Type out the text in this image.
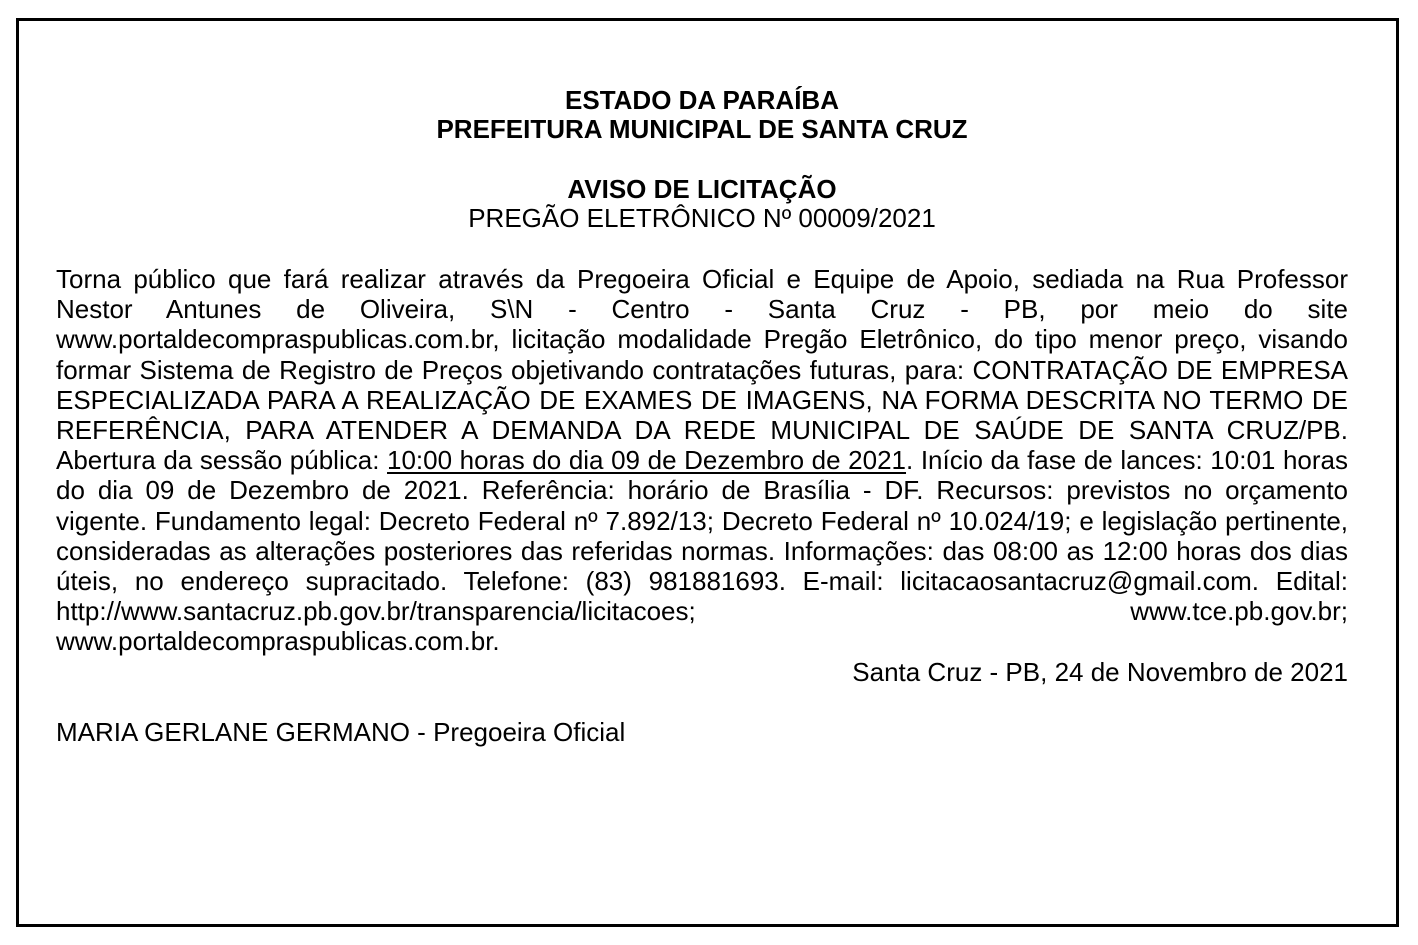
ESTADO DA PARAÍBA
PREFEITURA MUNICIPAL DE SANTA CRUZ
AVISO DE LICITAÇÃO
PREGÃO ELETRÔNICO Nº 00009/2021
Torna público que fará realizar através da Pregoeira Oficial e Equipe de Apoio, sediada na Rua Professor Nestor Antunes de Oliveira, S\N - Centro - Santa Cruz - PB, por meio do site www.portaldecompraspublicas.com.br, licitação modalidade Pregão Eletrônico, do tipo menor preço, visando formar Sistema de Registro de Preços objetivando contratações futuras, para: CONTRATAÇÃO DE EMPRESA ESPECIALIZADA PARA A REALIZAÇÃO DE EXAMES DE IMAGENS, NA FORMA DESCRITA NO TERMO DE REFERÊNCIA, PARA ATENDER A DEMANDA DA REDE MUNICIPAL DE SAÚDE DE SANTA CRUZ/PB. Abertura da sessão pública: 10:00 horas do dia 09 de Dezembro de 2021. Início da fase de lances: 10:01 horas do dia 09 de Dezembro de 2021. Referência: horário de Brasília - DF. Recursos: previstos no orçamento vigente. Fundamento legal: Decreto Federal nº 7.892/13; Decreto Federal nº 10.024/19; e legislação pertinente, consideradas as alterações posteriores das referidas normas. Informações: das 08:00 as 12:00 horas dos dias úteis, no endereço supracitado. Telefone: (83) 981881693. E-mail: licitacaosantacruz@gmail.com. Edital: http://www.santacruz.pb.gov.br/transparencia/licitacoes; www.tce.pb.gov.br; www.portaldecompraspublicas.com.br.
Santa Cruz - PB, 24 de Novembro de 2021
MARIA GERLANE GERMANO - Pregoeira Oficial
